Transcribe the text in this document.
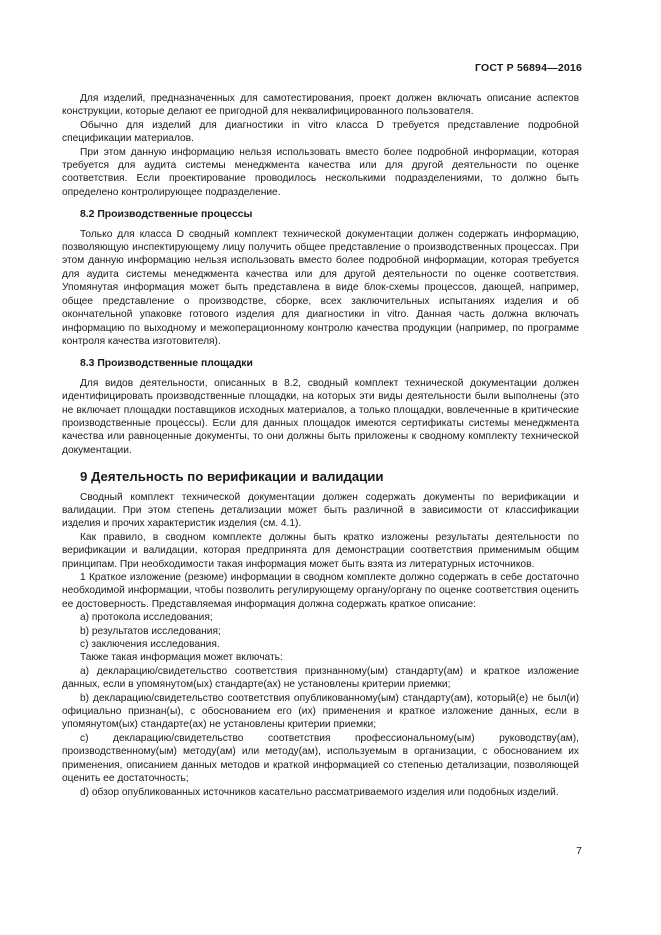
ГОСТ Р 56894—2016

Для изделий, предназначенных для самотестирования, проект должен включать описание аспектов конструкции, которые делают ее пригодной для неквалифицированного пользователя.

Обычно для изделий для диагностики in vitro класса D требуется представление подробной спецификации материалов.

При этом данную информацию нельзя использовать вместо более подробной информации, которая требуется для аудита системы менеджмента качества или для другой деятельности по оценке соответствия. Если проектирование проводилось несколькими подразделениями, то должно быть определено контролирующее подразделение.

8.2 Производственные процессы

Только для класса D сводный комплект технической документации должен содержать информацию, позволяющую инспектирующему лицу получить общее представление о производственных процессах. При этом данную информацию нельзя использовать вместо более подробной информации, которая требуется для аудита системы менеджмента качества или для другой деятельности по оценке соответствия. Упомянутая информация может быть представлена в виде блок-схемы процессов, дающей, например, общее представление о производстве, сборке, всех заключительных испытаниях изделия и об окончательной упаковке готового изделия для диагностики in vitro. Данная часть должна включать информацию по выходному и межоперационному контролю качества продукции (например, по программе контроля качества изготовителя).

8.3 Производственные площадки

Для видов деятельности, описанных в 8.2, сводный комплект технической документации должен идентифицировать производственные площадки, на которых эти виды деятельности были выполнены (это не включает площадки поставщиков исходных материалов, а только площадки, вовлеченные в критические производственные процессы). Если для данных площадок имеются сертификаты системы менеджмента качества или равноценные документы, то они должны быть приложены к сводному комплекту технической документации.

9 Деятельность по верификации и валидации

Сводный комплект технической документации должен содержать документы по верификации и валидации. При этом степень детализации может быть различной в зависимости от классификации изделия и прочих характеристик изделия (см. 4.1).

Как правило, в сводном комплекте должны быть кратко изложены результаты деятельности по верификации и валидации, которая предпринята для демонстрации соответствия применимым общим принципам. При необходимости такая информация может быть взята из литературных источников.

1 Краткое изложение (резюме) информации в сводном комплекте должно содержать в себе достаточно необходимой информации, чтобы позволить регулирующему органу/органу по оценке соответствия оценить ее достоверность. Представляемая информация должна содержать краткое описание:

a) протокола исследования;

b) результатов исследования;

c) заключения исследования.

Также такая информация может включать:

a) декларацию/свидетельство соответствия признанному(ым) стандарту(ам) и краткое изложение данных, если в упомянутом(ых) стандарте(ах) не установлены критерии приемки;

b) декларацию/свидетельство соответствия опубликованному(ым) стандарту(ам), который(е) не был(и) официально признан(ы), с обоснованием его (их) применения и краткое изложение данных, если в упомянутом(ых) стандарте(ах) не установлены критерии приемки;

c) декларацию/свидетельство соответствия профессиональному(ым) руководству(ам), производственному(ым) методу(ам) или методу(ам), используемым в организации, с обоснованием их применения, описанием данных методов и краткой информацией со степенью детализации, позволяющей оценить ее достаточность;

d) обзор опубликованных источников касательно рассматриваемого изделия или подобных изделий.

7
